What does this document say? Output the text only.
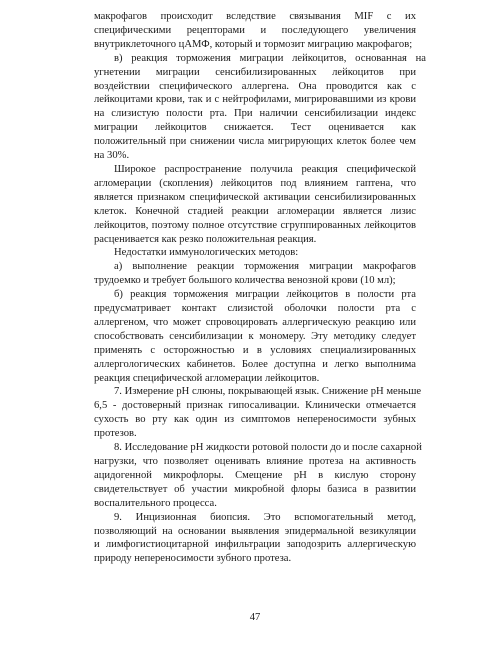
макрофагов происходит вследствие связывания MIF с их
специфическими рецепторами и последующего увеличения
внутриклеточного цАМФ, который и тормозит миграцию макрофагов;
в) реакция торможения миграции лейкоцитов, основанная на
угнетении миграции сенсибилизированных лейкоцитов при
воздействии специфического аллергена. Она проводится как с
лейкоцитами крови, так и с нейтрофилами, мигрировавшими из крови
на слизистую полости рта. При наличии сенсибилизации индекс
миграции лейкоцитов снижается. Тест оценивается как
положительный при снижении числа мигрирующих клеток более чем
на 30%.
Широкое распространение получила реакция специфической
агломерации (скопления) лейкоцитов под влиянием гаптена, что
является признаком специфической активации сенсибилизированных
клеток. Конечной стадией реакции агломерации является лизис
лейкоцитов, поэтому полное отсутствие сгруппированных лейкоцитов
расценивается как резко положительная реакция.
Недостатки иммунологических методов:
а) выполнение реакции торможения миграции макрофагов
трудоемко и требует большого количества венозной крови (10 мл);
б) реакция торможения миграции лейкоцитов в полости рта
предусматривает контакт слизистой оболочки полости рта с
аллергеном, что может спровоцировать аллергическую реакцию или
способствовать сенсибилизации к мономеру. Эту методику следует
применять с осторожностью и в условиях специализированных
аллергологических кабинетов. Более доступна и легко выполнима
реакция специфической агломерации лейкоцитов.
7. Измерение рН слюны, покрывающей язык. Снижение рН меньше
6,5 - достоверный признак гипосаливации. Клинически отмечается
сухость во рту как один из симптомов непереносимости зубных
протезов.
8. Исследование рН жидкости ротовой полости до и после сахарной
нагрузки, что позволяет оценивать влияние протеза на активность
ацидогенной микрофлоры. Смещение рН в кислую сторону
свидетельствует об участии микробной флоры базиса в развитии
воспалительного процесса.
9. Инцизионная биопсия. Это вспомогательный метод,
позволяющий на основании выявления эпидермальной везикуляции
и лимфогистиоцитарной инфильтрации заподозрить аллергическую
природу непереносимости зубного протеза.
47
